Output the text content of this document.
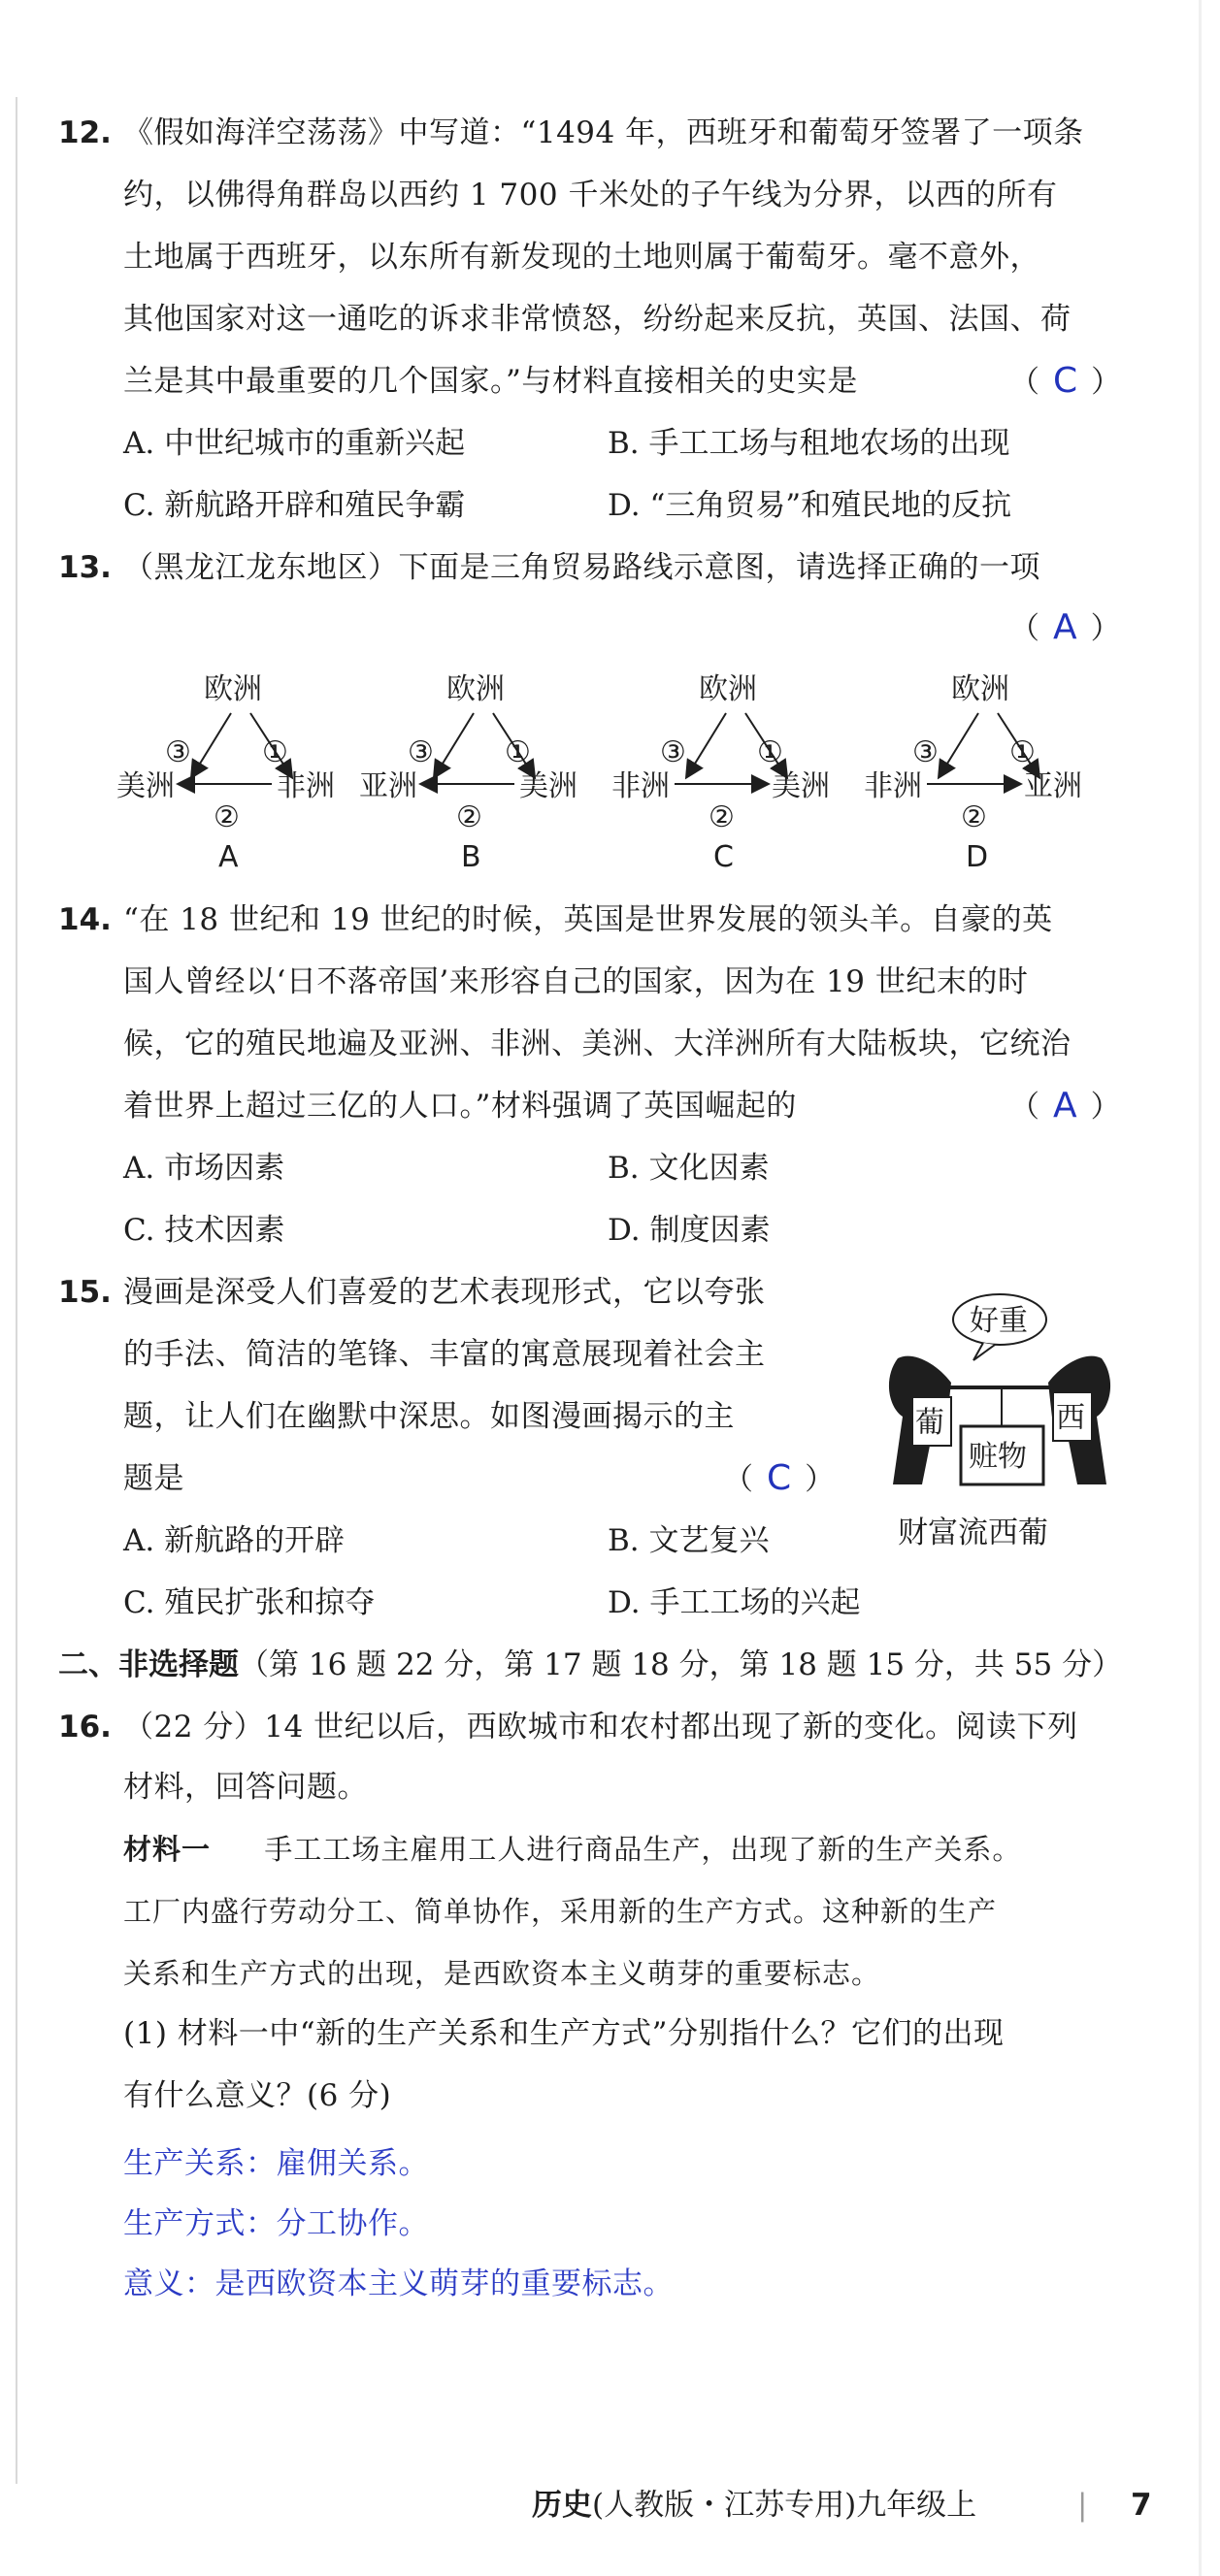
12. 《假如海洋空荡荡》中写道：“1494 年，西班牙和葡萄牙签署了一项条
约，以佛得角群岛以西约 1 700 千米处的子午线为分界，以西的所有
土地属于西班牙，以东所有新发现的土地则属于葡萄牙。毫不意外，
其他国家对这一通吃的诉求非常愤怒，纷纷起来反抗，英国、法国、荷
兰是其中最重要的几个国家。”与材料直接相关的史实是	（ C ）
A. 中世纪城市的重新兴起	B. 手工工场与租地农场的出现
C. 新航路开辟和殖民争霸	D. “三角贸易”和殖民地的反抗
13. （黑龙江龙东地区）下面是三角贸易路线示意图，请选择正确的一项
（ A ）
欧洲
美洲	非洲
③ ①
②
A
欧洲
亚洲	美洲
③ ①
②
B
欧洲
非洲	美洲
③ ①
②
C
欧洲
非洲	亚洲
③ ①
②
D
14. “在 18 世纪和 19 世纪的时候，英国是世界发展的领头羊。自豪的英
国人曾经以‘日不落帝国’来形容自己的国家，因为在 19 世纪末的时
候，它的殖民地遍及亚洲、非洲、美洲、大洋洲所有大陆板块，它统治
着世界上超过三亿的人口。”材料强调了英国崛起的	（ A ）
A. 市场因素	B. 文化因素
C. 技术因素	D. 制度因素
15. 漫画是深受人们喜爱的艺术表现形式，它以夸张
的手法、简洁的笔锋、丰富的寓意展现着社会主
题，让人们在幽默中深思。如图漫画揭示的主
题是	（ C ）
好重
葡	西
赃物
财富流西葡
A. 新航路的开辟	B. 文艺复兴
C. 殖民扩张和掠夺	D. 手工工场的兴起
二、非选择题（第 16 题 22 分，第 17 题 18 分，第 18 题 15 分，共 55 分）
16. （22 分）14 世纪以后，西欧城市和农村都出现了新的变化。阅读下列
材料，回答问题。
材料一 手工工场主雇用工人进行商品生产，出现了新的生产关系。
工厂内盛行劳动分工、简单协作，采用新的生产方式。这种新的生产
关系和生产方式的出现，是西欧资本主义萌芽的重要标志。
(1) 材料一中“新的生产关系和生产方式”分别指什么？它们的出现
有什么意义？(6 分)
生产关系：雇佣关系。
生产方式：分工协作。
意义：是西欧资本主义萌芽的重要标志。
历史(人教版・江苏专用)九年级上	| 7
